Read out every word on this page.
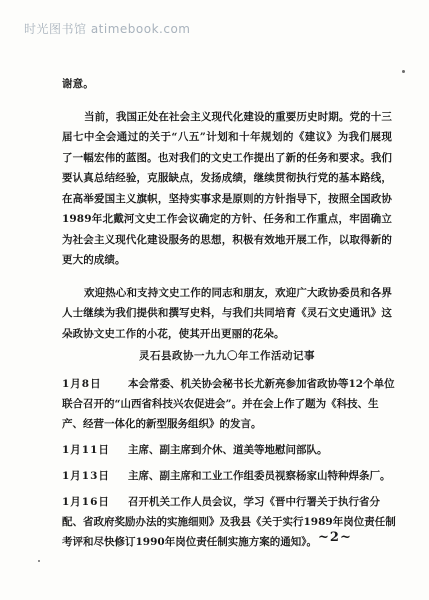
时光图书馆 atimebook.com

谢意。

当前，我国正处在社会主义现代化建设的重要历史时期。党的十三届七中全会通过的关于“八五”计划和十年规划的《建议》为我们展现了一幅宏伟的蓝图。也对我们的文史工作提出了新的任务和要求。我们要认真总结经验，克服缺点，发扬成绩，继续贯彻执行党的基本路线，在高举爱国主义旗帜，坚持实事求是原则的方针指导下，按照全国政协1989年北戴河文史工作会议确定的方针、任务和工作重点，牢固确立为社会主义现代化建设服务的思想，积极有效地开展工作，以取得新的更大的成绩。

欢迎热心和支持文史工作的同志和朋友，欢迎广大政协委员和各界人士继续为我们提供和撰写史料，与我们共同培育《灵石文史通讯》这朵政协文史工作的小花，使其开出更丽的花朵。

灵石县政协一九九〇年工作活动记事
1月8日	本会常委、机关协会秘书长尤新亮参加省政协等12个单位联合召开的“山西省科技兴农促进会”。并在会上作了题为《科技、生产、经营一体化的新型服务组织》的发言。
1月11日 主席、副主席到介休、道美等地慰问部队。
1月13日 主席、副主席和工业工作组委员视察杨家山特种焊条厂。
1月16日 召开机关工作人员会议，学习《晋中行署关于执行省分配、省政府奖励办法的实施细则》及我县《关于实行1989年岗位责任制考评和尽快修订1990年岗位责任制实施方案的通知》。 ~2~
